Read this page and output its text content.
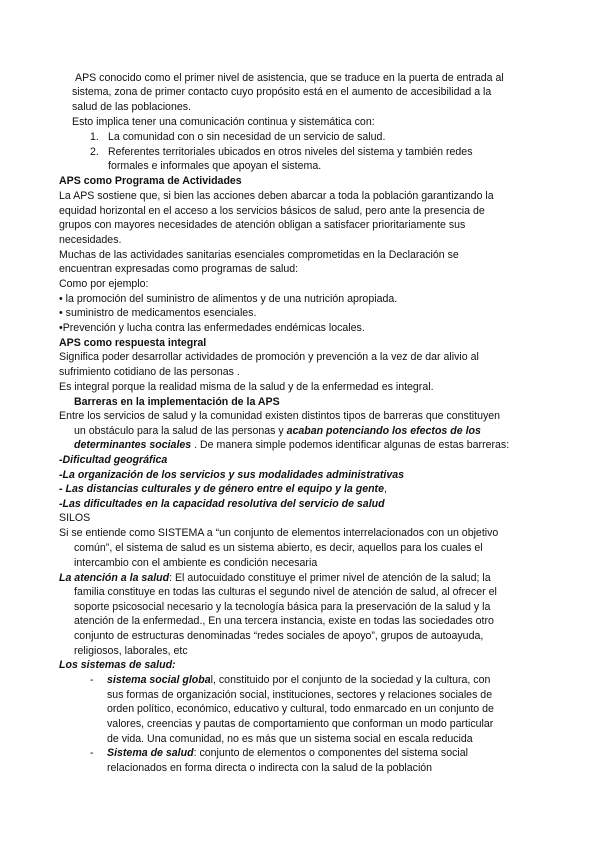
APS conocido como el primer nivel de asistencia, que se traduce en la puerta de entrada al
sistema, zona de primer contacto cuyo propósito está en el aumento de accesibilidad a la
salud de las poblaciones.
Esto implica tener una comunicación continua y sistemática con:
1. La comunidad con o sin necesidad de un servicio de salud.
2. Referentes territoriales ubicados en otros niveles del sistema y también redes
formales e informales que apoyan el sistema.
APS como Programa de Actividades
La APS sostiene que, si bien las acciones deben abarcar a toda la población garantizando la
equidad horizontal en el acceso a los servicios básicos de salud, pero ante la presencia de
grupos con mayores necesidades de atención obligan a satisfacer prioritariamente sus
necesidades.
Muchas de las actividades sanitarias esenciales comprometidas en la Declaración se
encuentran expresadas como programas de salud:
Como por ejemplo:
• la promoción del suministro de alimentos y de una nutrición apropiada.
• suministro de medicamentos esenciales.
•Prevención y lucha contra las enfermedades endémicas locales.
APS como respuesta integral
Significa poder desarrollar actividades de promoción y prevención a la vez de dar alivio al
sufrimiento cotidiano de las personas .
Es integral porque la realidad misma de la salud y de la enfermedad es integral.
Barreras en la implementación de la APS
Entre los servicios de salud y la comunidad existen distintos tipos de barreras que constituyen
un obstáculo para la salud de las personas y acaban potenciando los efectos de los
determinantes sociales . De manera simple podemos identificar algunas de estas barreras:
-Dificultad geográfica
-La organización de los servicios y sus modalidades administrativas
- Las distancias culturales y de género entre el equipo y la gente,
-Las dificultades en la capacidad resolutiva del servicio de salud
SILOS
Si se entiende como SISTEMA a “un conjunto de elementos interrelacionados con un objetivo
común”, el sistema de salud es un sistema abierto, es decir, aquellos para los cuales el
intercambio con el ambiente es condición necesaria
La atención a la salud: El autocuidado constituye el primer nivel de atención de la salud; la
familia constituye en todas las culturas el segundo nivel de atención de salud, al ofrecer el
soporte psicosocial necesario y la tecnología básica para la preservación de la salud y la
atención de la enfermedad., En una tercera instancia, existe en todas las sociedades otro
conjunto de estructuras denominadas “redes sociales de apoyo”, grupos de autoayuda,
religiosos, laborales, etc
Los sistemas de salud:
- sistema social global, constituido por el conjunto de la sociedad y la cultura, con
sus formas de organización social, instituciones, sectores y relaciones sociales de
orden político, económico, educativo y cultural, todo enmarcado en un conjunto de
valores, creencias y pautas de comportamiento que conforman un modo particular
de vida. Una comunidad, no es más que un sistema social en escala reducida
- Sistema de salud: conjunto de elementos o componentes del sistema social
relacionados en forma directa o indirecta con la salud de la población
